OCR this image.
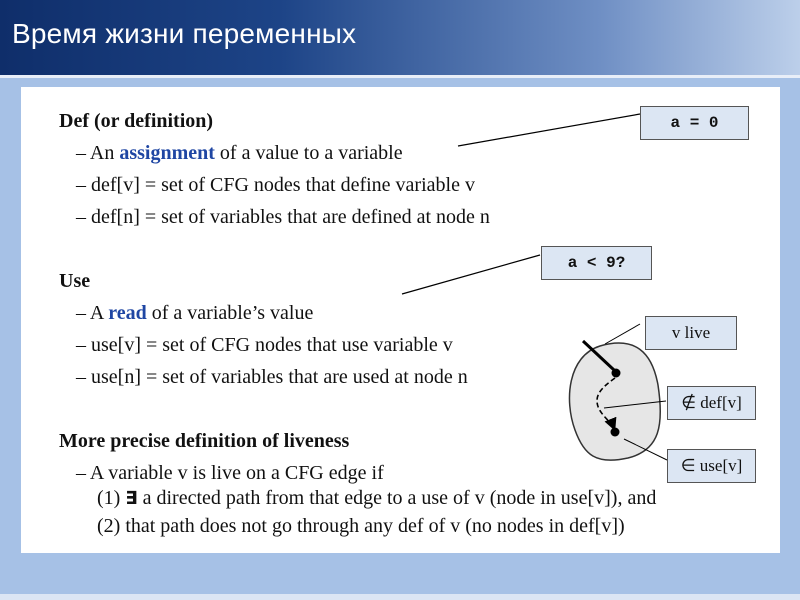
Время жизни переменных
Def (or definition)
– An assignment of a value to a variable
– def[v] = set of CFG nodes that define variable v
– def[n] = set of variables that are defined at node n
Use
– A read of a variable’s value
– use[v] = set of CFG nodes that use variable v
– use[n] = set of variables that are used at node n
More precise definition of liveness
– A variable v is live on a CFG edge if
(1) ∃ a directed path from that edge to a use of v (node in use[v]), and
(2) that path does not go through any def of v (no nodes in def[v])
a = 0
a < 9?
v live
∉ def[v]
∈ use[v]
